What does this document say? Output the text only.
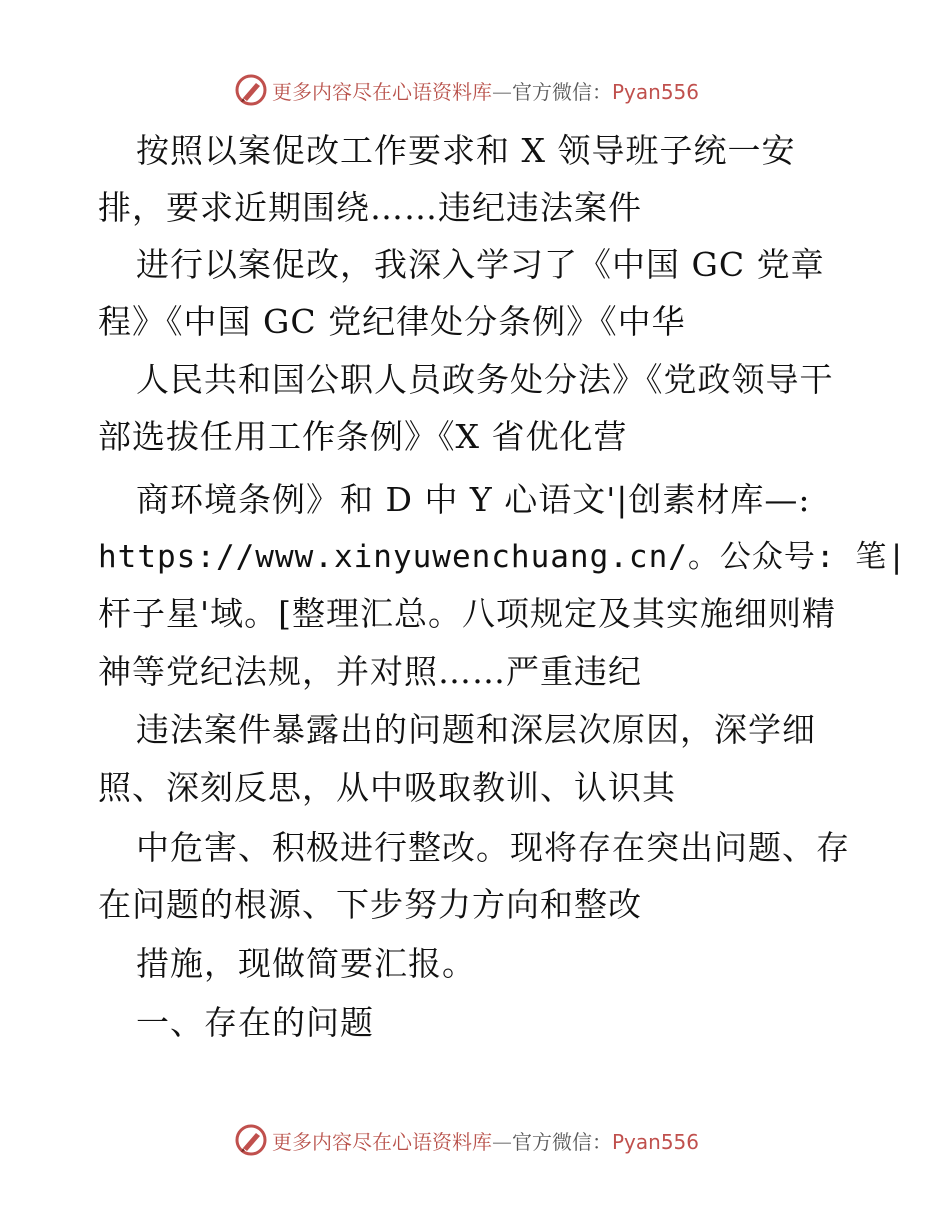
更多内容尽在心语资料库—官方微信：Pyan556
按照以案促改工作要求和 X 领导班子统一安
排，要求近期围绕……违纪违法案件
进行以案促改，我深入学习了《中国 GC 党章
程》《中国 GC 党纪律处分条例》《中华
人民共和国公职人员政务处分法》《党政领导干
部选拔任用工作条例》《X 省优化营
商环境条例》和 D 中 Y 心语文'|创素材库—:
https://www.xinyuwenchuang.cn/。公众号: 笔|
杆子星'域。[整理汇总。八项规定及其实施细则精
神等党纪法规，并对照……严重违纪
违法案件暴露出的问题和深层次原因，深学细
照、深刻反思，从中吸取教训、认识其
中危害、积极进行整改。现将存在突出问题、存
在问题的根源、下步努力方向和整改
措施，现做简要汇报。
一、存在的问题
更多内容尽在心语资料库—官方微信：Pyan556
